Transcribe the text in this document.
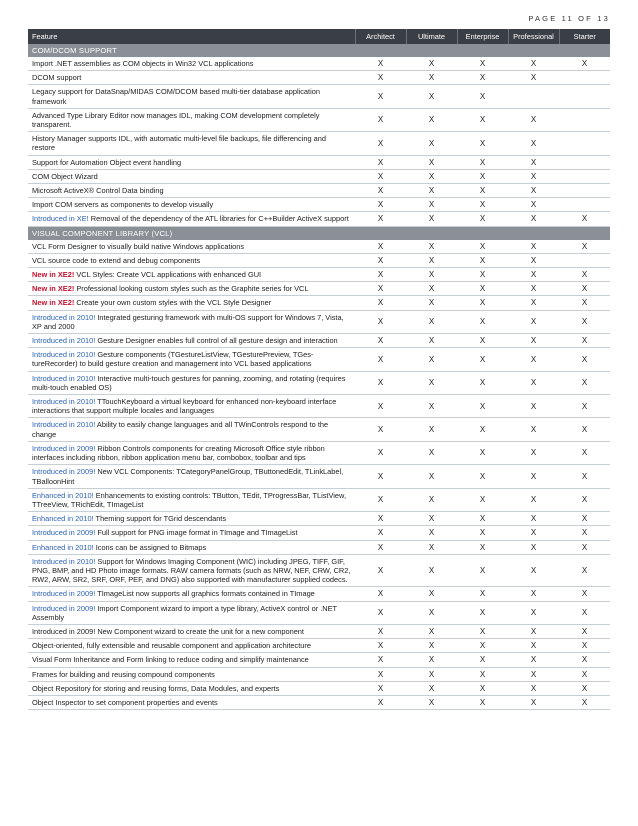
PAGE 11 OF 13
Feature	Architect	Ultimate	Enterprise	Professional	Starter
COM/DCOM SUPPORT					
Import .NET assemblies as COM objects in Win32 VCL applications	X	X	X	X	X
DCOM support	X	X	X	X	
Legacy support for DataSnap/MIDAS COM/DCOM based multi-tier database application framework	X	X	X		
Advanced Type Library Editor now manages IDL, making COM development completely transparent.	X	X	X	X	
History Manager supports IDL, with automatic multi-level file backups, file differencing and restore	X	X	X	X	
Support for Automation Object event handling	X	X	X	X	
COM Object Wizard	X	X	X	X	
Microsoft ActiveX® Control Data binding	X	X	X	X	
Import COM servers as components to develop visually	X	X	X	X	
Introduced in XE! Removal of the dependency of the ATL libraries for C++Builder ActiveX support	X	X	X	X	X
VISUAL COMPONENT LIBRARY (VCL)					
VCL Form Designer to visually build native Windows applications	X	X	X	X	X
VCL source code to extend and debug components	X	X	X	X	
New in XE2! VCL Styles: Create VCL applications with enhanced GUI	X	X	X	X	X
New in XE2! Professional looking custom styles such as the Graphite series for VCL	X	X	X	X	X
New in XE2! Create your own custom styles with the VCL Style Designer	X	X	X	X	X
Introduced in 2010! Integrated gesturing framework with multi-OS support for Windows 7, Vista, XP and 2000	X	X	X	X	X
Introduced in 2010! Gesture Designer enables full control of all gesture design and interaction	X	X	X	X	X
Introduced in 2010! Gesture components (TGestureListView, TGesturePreview, TGes-tureRecorder) to build gesture creation and management into VCL based applications	X	X	X	X	X
Introduced in 2010! Interactive multi-touch gestures for panning, zooming, and rotating (requires multi-touch enabled OS)	X	X	X	X	X
Introduced in 2010! TTouchKeyboard a virtual keyboard for enhanced non-keyboard interface interactions that support multiple locales and languages	X	X	X	X	X
Introduced in 2010! Ability to easily change languages and all TWinControls respond to the change	X	X	X	X	X
Introduced in 2009! Ribbon Controls components for creating Microsoft Office style ribbon interfaces including ribbon, ribbon application menu bar, combobox, toolbar and tips	X	X	X	X	X
Introduced in 2009! New VCL Components: TCategoryPanelGroup, TButtonedEdit, TLinkLabel, TBalloonHint	X	X	X	X	X
Enhanced in 2010! Enhancements to existing controls: TButton, TEdit, TProgressBar, TListView, TTreeView, TRichEdit, TImageList	X	X	X	X	X
Enhanced in 2010! Theming support for TGrid descendants	X	X	X	X	X
Introduced in 2009! Full support for PNG image format in TImage and TImageList	X	X	X	X	X
Enhanced in 2010! Icons can be assigned to Bitmaps	X	X	X	X	X
Introduced in 2010! Support for Windows Imaging Component (WIC) including JPEG, TIFF, GIF, PNG, BMP, and HD Photo image formats. RAW camera formats (such as NRW, NEF, CRW, CR2, RW2, ARW, SR2, SRF, ORF, PEF, and DNG) also supported with manufacturer supplied codecs.	X	X	X	X	X
Introduced in 2009! TImageList now supports all graphics formats contained in TImage	X	X	X	X	X
Introduced in 2009! Import Component wizard to import a type library, ActiveX control or .NET Assembly	X	X	X	X	X
Introduced in 2009! New Component wizard to create the unit for a new component	X	X	X	X	X
Object-oriented, fully extensible and reusable component and application architecture	X	X	X	X	X
Visual Form Inheritance and Form linking to reduce coding and simplify maintenance	X	X	X	X	X
Frames for building and reusing compound components	X	X	X	X	X
Object Repository for storing and reusing forms, Data Modules, and experts	X	X	X	X	X
Object Inspector to set component properties and events	X	X	X	X	X
